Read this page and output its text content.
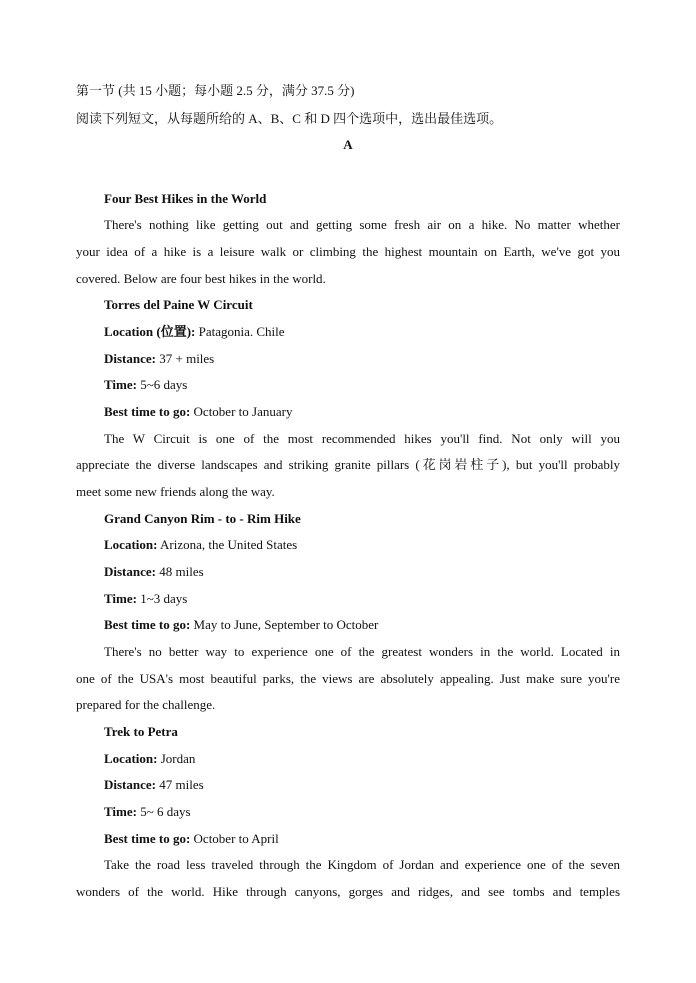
第一节 (共 15 小题；每小题 2.5 分，满分 37.5 分)
阅读下列短文，从每题所给的 A、B、C 和 D 四个选项中，选出最佳选项。
A
Four Best Hikes in the World
There's nothing like getting out and getting some fresh air on a hike. No matter whether
your idea of a hike is a leisure walk or climbing the highest mountain on Earth, we've got you
covered. Below are four best hikes in the world.
Torres del Paine W Circuit
Location (位置): Patagonia. Chile
Distance: 37 + miles
Time: 5~6 days
Best time to go: October to January
The W Circuit is one of the most recommended hikes you'll find. Not only will you
appreciate the diverse landscapes and striking granite pillars (花岗岩柱子), but you'll probably
meet some new friends along the way.
Grand Canyon Rim - to - Rim Hike
Location: Arizona, the United States
Distance: 48 miles
Time: 1~3 days
Best time to go: May to June, September to October
There's no better way to experience one of the greatest wonders in the world. Located in
one of the USA's most beautiful parks, the views are absolutely appealing. Just make sure you're
prepared for the challenge.
Trek to Petra
Location: Jordan
Distance: 47 miles
Time: 5~ 6 days
Best time to go: October to April
Take the road less traveled through the Kingdom of Jordan and experience one of the seven
wonders of the world. Hike through canyons, gorges and ridges, and see tombs and temples
